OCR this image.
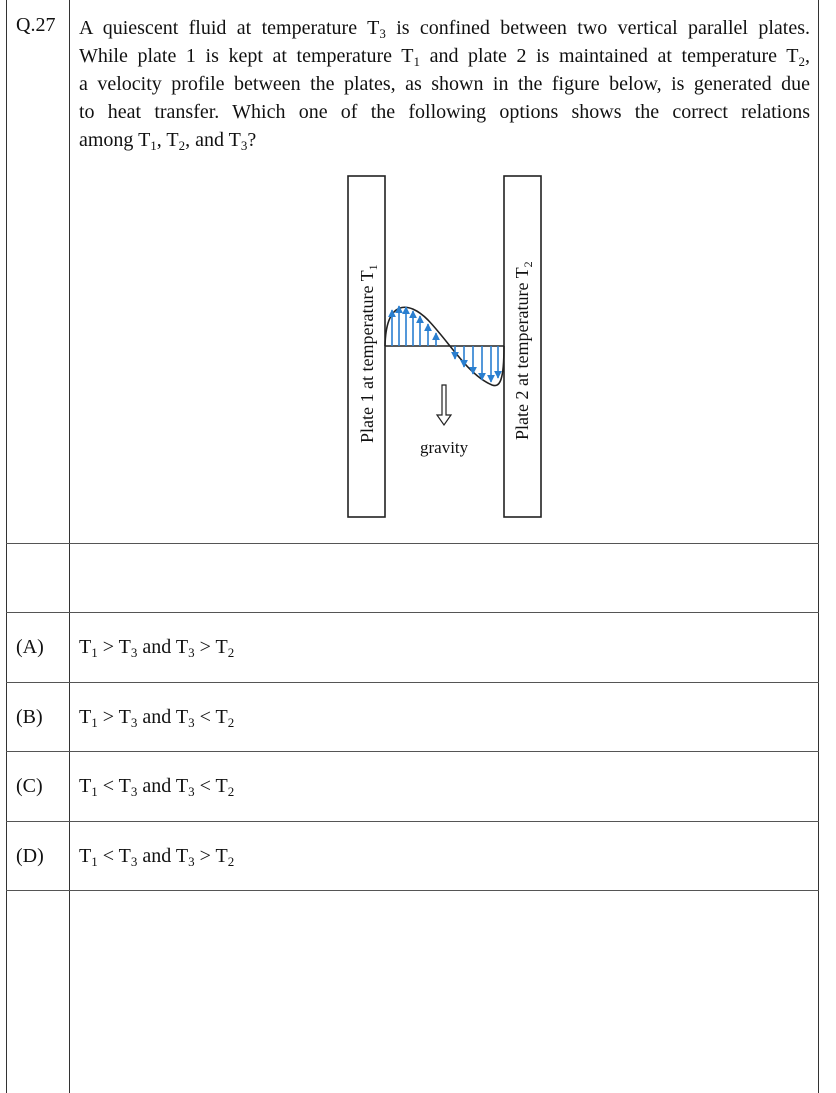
Q.27 A quiescent fluid at temperature $T_3$ is confined between two vertical parallel plates.
While plate 1 is kept at temperature $T_1$ and plate 2 is maintained at temperature $T_2$,
a velocity profile between the plates, as shown in the figure below, is generated due
to heat transfer. Which one of the following options shows the correct relations
among $T_1$, $T_2$, and $T_3$?
Plate 1 at temperature $T_1$	Plate 2 at temperature $T_2$
gravity
(A) $T_1 > T_3$ and $T_3 > T_2$
(B) $T_1 > T_3$ and $T_3 < T_2$
(C) $T_1 < T_3$ and $T_3 < T_2$
(D) $T_1 < T_3$ and $T_3 > T_2$
